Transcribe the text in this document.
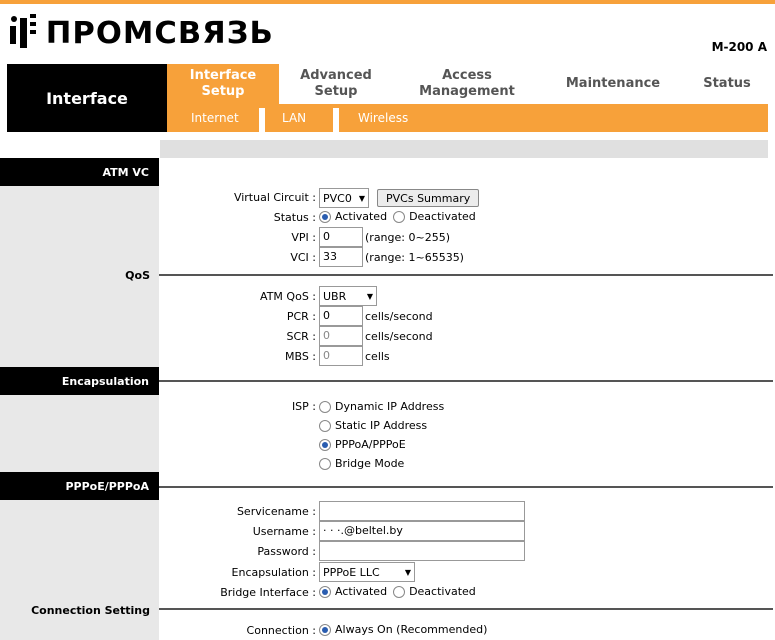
ПРОМСВЯЗЬ	M-200 A
Interface
Interface Setup
Advanced Setup
Access Management
Maintenance	Status
Internet	LAN	Wireless
ATM VC
Virtual Circuit : PVC0 ▼	PVCs Summary
Status : Activated Deactivated
VPI : 0	(range: 0~255)
VCI : 33	(range: 1~65535)
QoS
ATM QoS : UBR	▼
PCR : 0	cells/second
SCR : 0	cells/second
MBS : 0	cells
Encapsulation
ISP : Dynamic IP Address
Static IP Address
PPPoA/PPPoE
Bridge Mode
PPPoE/PPPoA
Servicename :
Username : · · ·.@beltel.by
Password :
Encapsulation : PPPoE LLC	▼
Bridge Interface : Activated Deactivated
Connection Setting
Connection : Always On (Recommended)
